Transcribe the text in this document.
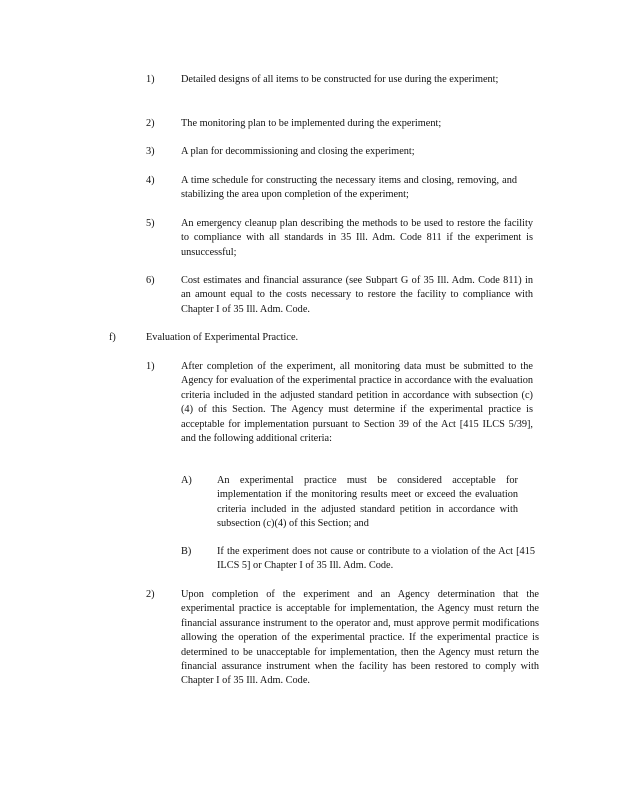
1)	Detailed designs of all items to be constructed for use during the experiment;
2)	The monitoring plan to be implemented during the experiment;
3)	A plan for decommissioning and closing the experiment;
4)	A time schedule for constructing the necessary items and closing, removing, and stabilizing the area upon completion of the experiment;
5)	An emergency cleanup plan describing the methods to be used to restore the facility to compliance with all standards in 35 Ill. Adm. Code 811 if the experiment is unsuccessful;
6)	Cost estimates and financial assurance (see Subpart G of 35 Ill. Adm. Code 811) in an amount equal to the costs necessary to restore the facility to compliance with Chapter I of 35 Ill. Adm. Code.
f)	Evaluation of Experimental Practice.
1)	After completion of the experiment, all monitoring data must be submitted to the Agency for evaluation of the experimental practice in accordance with the evaluation criteria included in the adjusted standard petition in accordance with subsection (c)(4) of this Section. The Agency must determine if the experimental practice is acceptable for implementation pursuant to Section 39 of the Act [415 ILCS 5/39], and the following additional criteria:
A) An experimental practice must be considered acceptable for implementation if the monitoring results meet or exceed the evaluation criteria included in the adjusted standard petition in accordance with subsection (c)(4) of this Section; and
B) If the experiment does not cause or contribute to a violation of the Act [415 ILCS 5] or Chapter I of 35 Ill. Adm. Code.
2)	Upon completion of the experiment and an Agency determination that the experimental practice is acceptable for implementation, the Agency must return the financial assurance instrument to the operator and, must approve permit modifications allowing the operation of the experimental practice. If the experimental practice is determined to be unacceptable for implementation, then the Agency must return the financial assurance instrument when the facility has been restored to comply with Chapter I of 35 Ill. Adm. Code.
